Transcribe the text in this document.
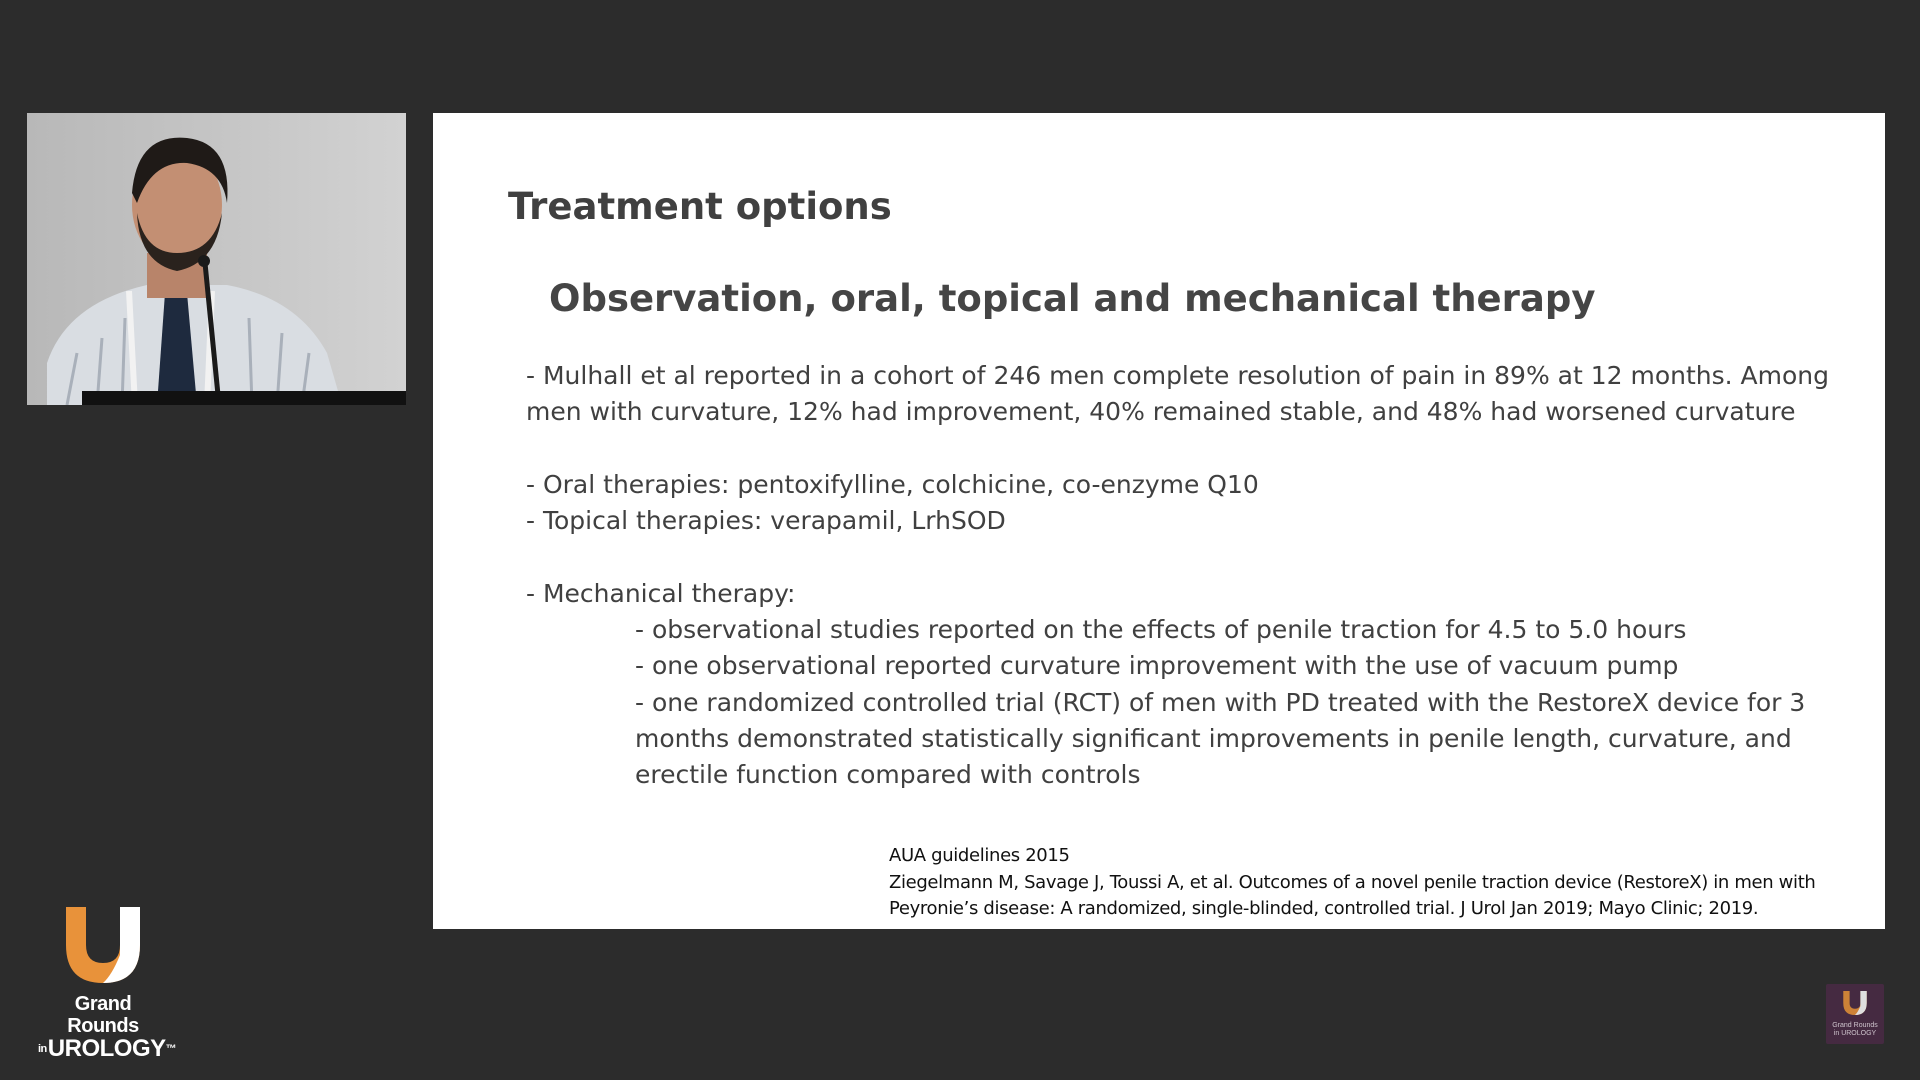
Treatment options
Observation, oral, topical and mechanical therapy

- Mulhall et al reported in a cohort of 246 men complete resolution of pain in 89% at 12 months. Among men with curvature, 12% had improvement, 40% remained stable, and 48% had worsened curvature

- Oral therapies: pentoxifylline, colchicine, co-enzyme Q10

- Topical therapies: verapamil, LrhSOD

- Mechanical therapy:

- observational studies reported on the effects of penile traction for 4.5 to 5.0 hours

- one observational reported curvature improvement with the use of vacuum pump

- one randomized controlled trial (RCT) of men with PD treated with the RestoreX device for 3 months demonstrated statistically significant improvements in penile length, curvature, and erectile function compared with controls

AUA guidelines 2015

Ziegelmann M, Savage J, Toussi A, et al. Outcomes of a novel penile traction device (RestoreX) in men with

Peyronie’s disease: A randomized, single-blinded, controlled trial. J Urol Jan 2019; Mayo Clinic; 2019.

Grand Rounds
$^{in}$UROLOGY™
Grand Rounds
in UROLOGY
